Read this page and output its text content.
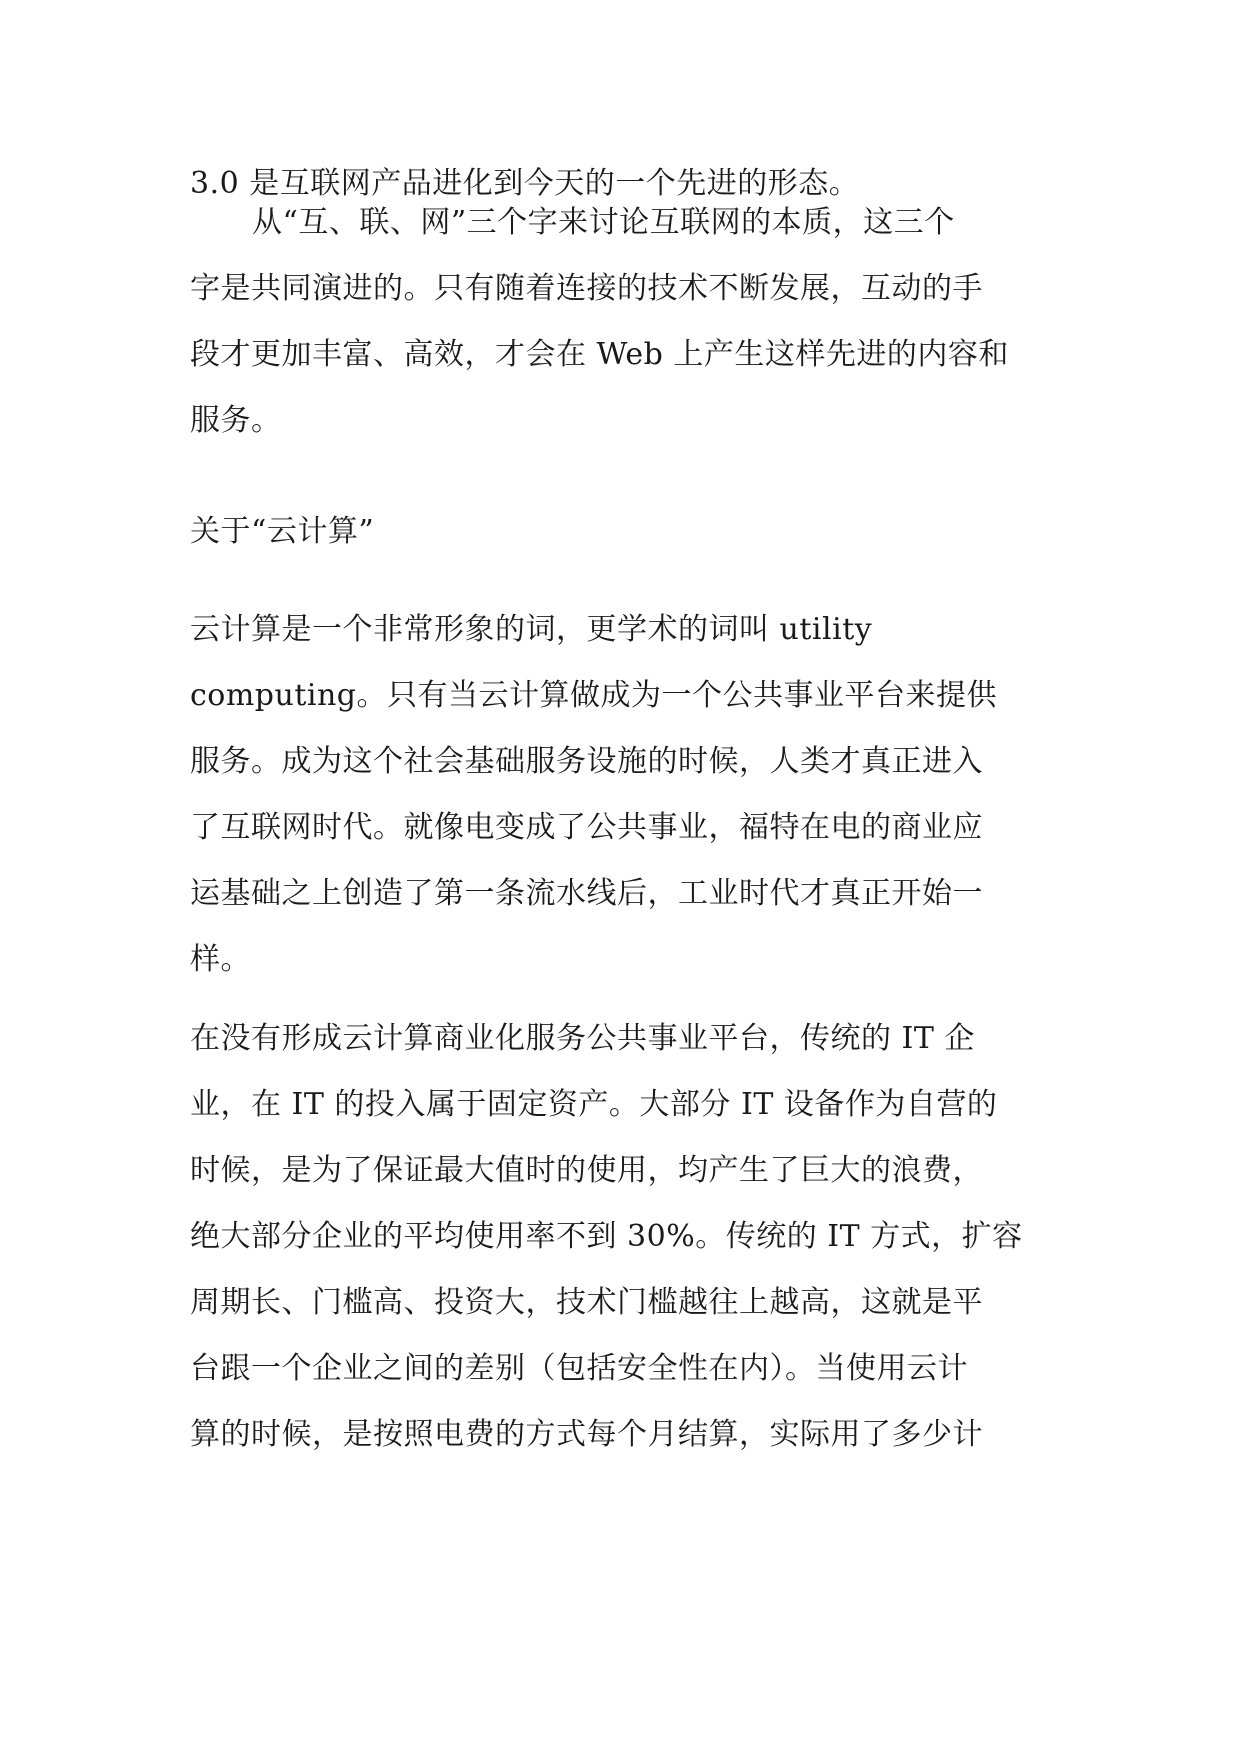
3.0 是互联网产品进化到今天的一个先进的形态。
从“互、联、网”三个字来讨论互联网的本质，这三个
字是共同演进的。只有随着连接的技术不断发展，互动的手
段才更加丰富、高效，才会在 Web 上产生这样先进的内容和
服务。
关于“云计算”
云计算是一个非常形象的词，更学术的词叫 utility
computing。只有当云计算做成为一个公共事业平台来提供
服务。成为这个社会基础服务设施的时候，人类才真正进入
了互联网时代。就像电变成了公共事业，福特在电的商业应
运基础之上创造了第一条流水线后，工业时代才真正开始一
样。
在没有形成云计算商业化服务公共事业平台，传统的 IT 企
业，在 IT 的投入属于固定资产。大部分 IT 设备作为自营的
时候，是为了保证最大值时的使用，均产生了巨大的浪费，
绝大部分企业的平均使用率不到 30%。传统的 IT 方式，扩容
周期长、门槛高、投资大，技术门槛越往上越高，这就是平
台跟一个企业之间的差别（包括安全性在内）。当使用云计
算的时候，是按照电费的方式每个月结算，实际用了多少计
